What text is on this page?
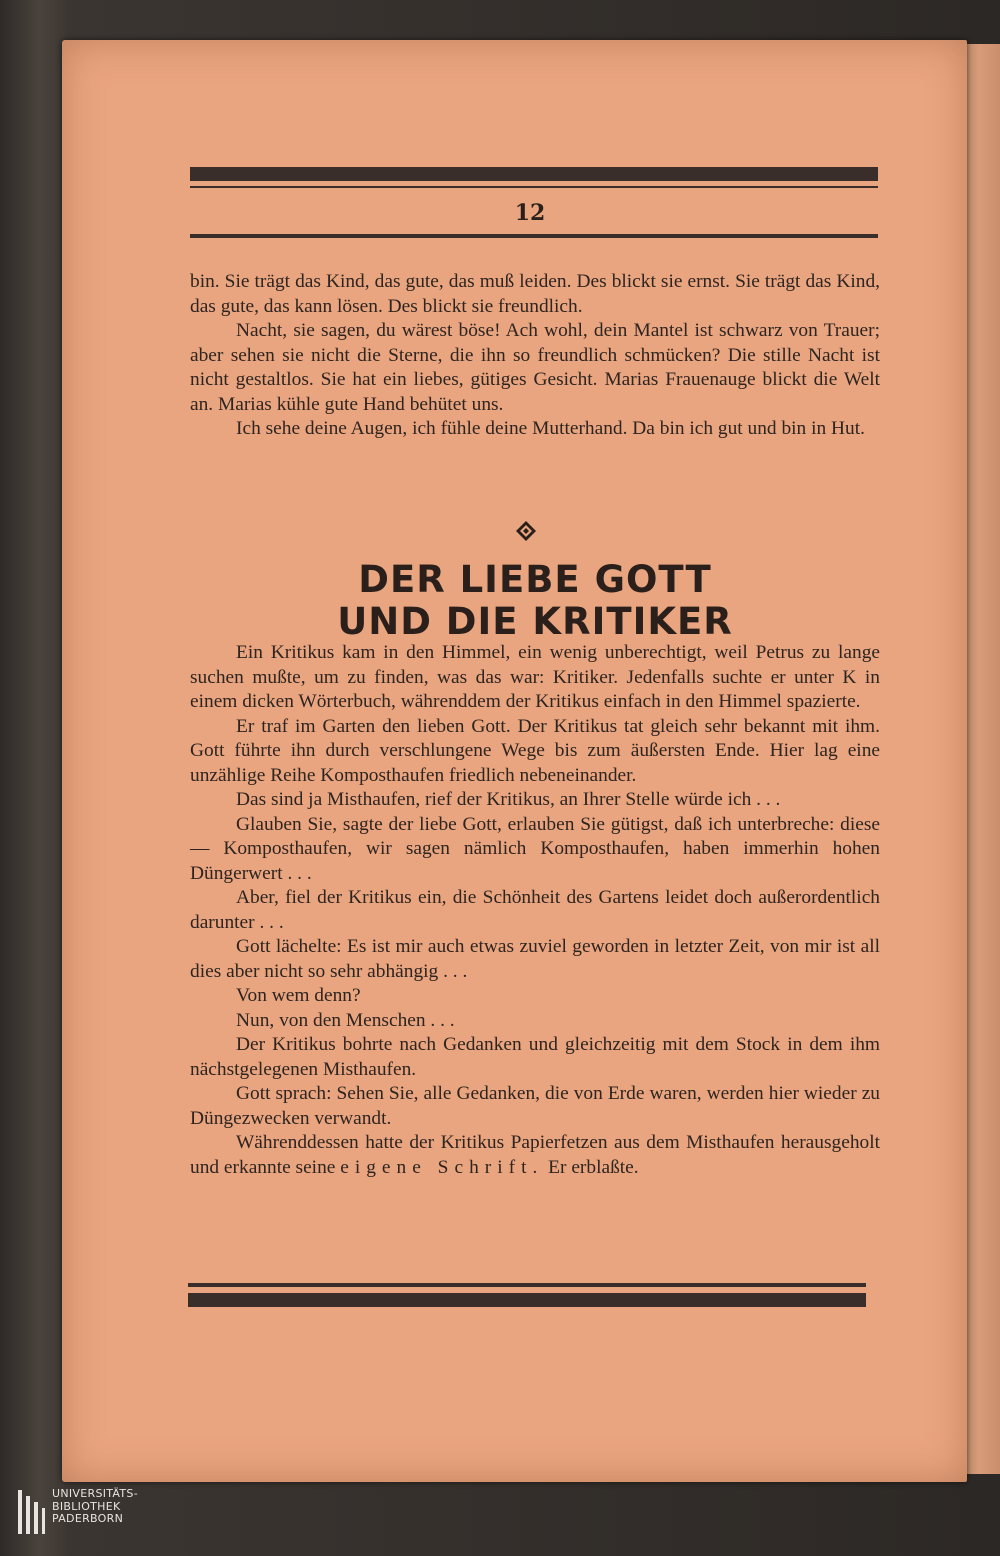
12

bin. Sie trägt das Kind, das gute, das muß leiden. Des blickt sie ernst. Sie trägt das Kind, das gute, das kann lösen. Des blickt sie freundlich.

Nacht, sie sagen, du wärest böse! Ach wohl, dein Mantel ist schwarz von Trauer; aber sehen sie nicht die Sterne, die ihn so freundlich schmücken? Die stille Nacht ist nicht gestaltlos. Sie hat ein liebes, gütiges Gesicht. Marias Frauenauge blickt die Welt an. Marias kühle gute Hand behütet uns.

Ich sehe deine Augen, ich fühle deine Mutterhand. Da bin ich gut und bin in Hut.

DER LIEBE GOTT
UND DIE KRITIKER

Ein Kritikus kam in den Himmel, ein wenig unberechtigt, weil Petrus zu lange suchen mußte, um zu finden, was das war: Kritiker. Jedenfalls suchte er unter K in einem dicken Wörterbuch, währenddem der Kritikus einfach in den Himmel spazierte.

Er traf im Garten den lieben Gott. Der Kritikus tat gleich sehr bekannt mit ihm. Gott führte ihn durch verschlungene Wege bis zum äußersten Ende. Hier lag eine unzählige Reihe Komposthaufen friedlich nebeneinander.

Das sind ja Misthaufen, rief der Kritikus, an Ihrer Stelle würde ich . . .

Glauben Sie, sagte der liebe Gott, erlauben Sie gütigst, daß ich unterbreche: diese — Komposthaufen, wir sagen nämlich Komposthaufen, haben immerhin hohen Düngerwert . . .

Aber, fiel der Kritikus ein, die Schönheit des Gartens leidet doch außerordentlich darunter . . .

Gott lächelte: Es ist mir auch etwas zuviel geworden in letzter Zeit, von mir ist all dies aber nicht so sehr abhängig . . .

Von wem denn?

Nun, von den Menschen . . .

Der Kritikus bohrte nach Gedanken und gleichzeitig mit dem Stock in dem ihm nächstgelegenen Misthaufen.

Gott sprach: Sehen Sie, alle Gedanken, die von Erde waren, werden hier wieder zu Düngezwecken verwandt.

Währenddessen hatte der Kritikus Papierfetzen aus dem Misthaufen herausgeholt und erkannte seine eigene Schrift. Er erblaßte.

UNIVERSITÄTS-
BIBLIOTHEK
PADERBORN
